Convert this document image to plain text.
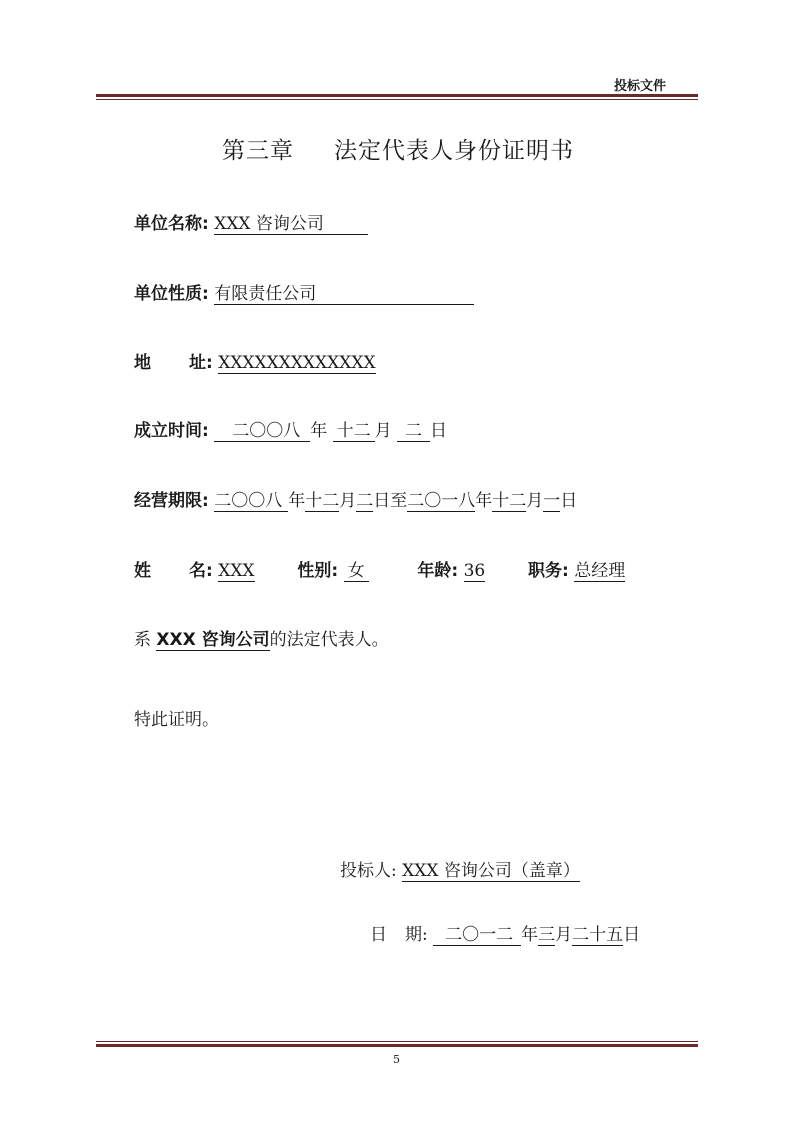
投标文件
第三章 法定代表人身份证明书
单位名称: XXX 咨询公司
单位性质: 有限责任公司
地 址: XXXXXXXXXXXXX
成立时间: 二〇〇八 年 十二 月 二 日
经营期限: 二〇〇八 年十二月二日至二〇一八年十二月一日
姓 名: XXX	性别: 女	年龄: 36	职务: 总经理
系 XXX 咨询公司的法定代表人。
特此证明。
投标人: XXX 咨询公司（盖章）
日 期: 二〇一二 年三月二十五日
5
